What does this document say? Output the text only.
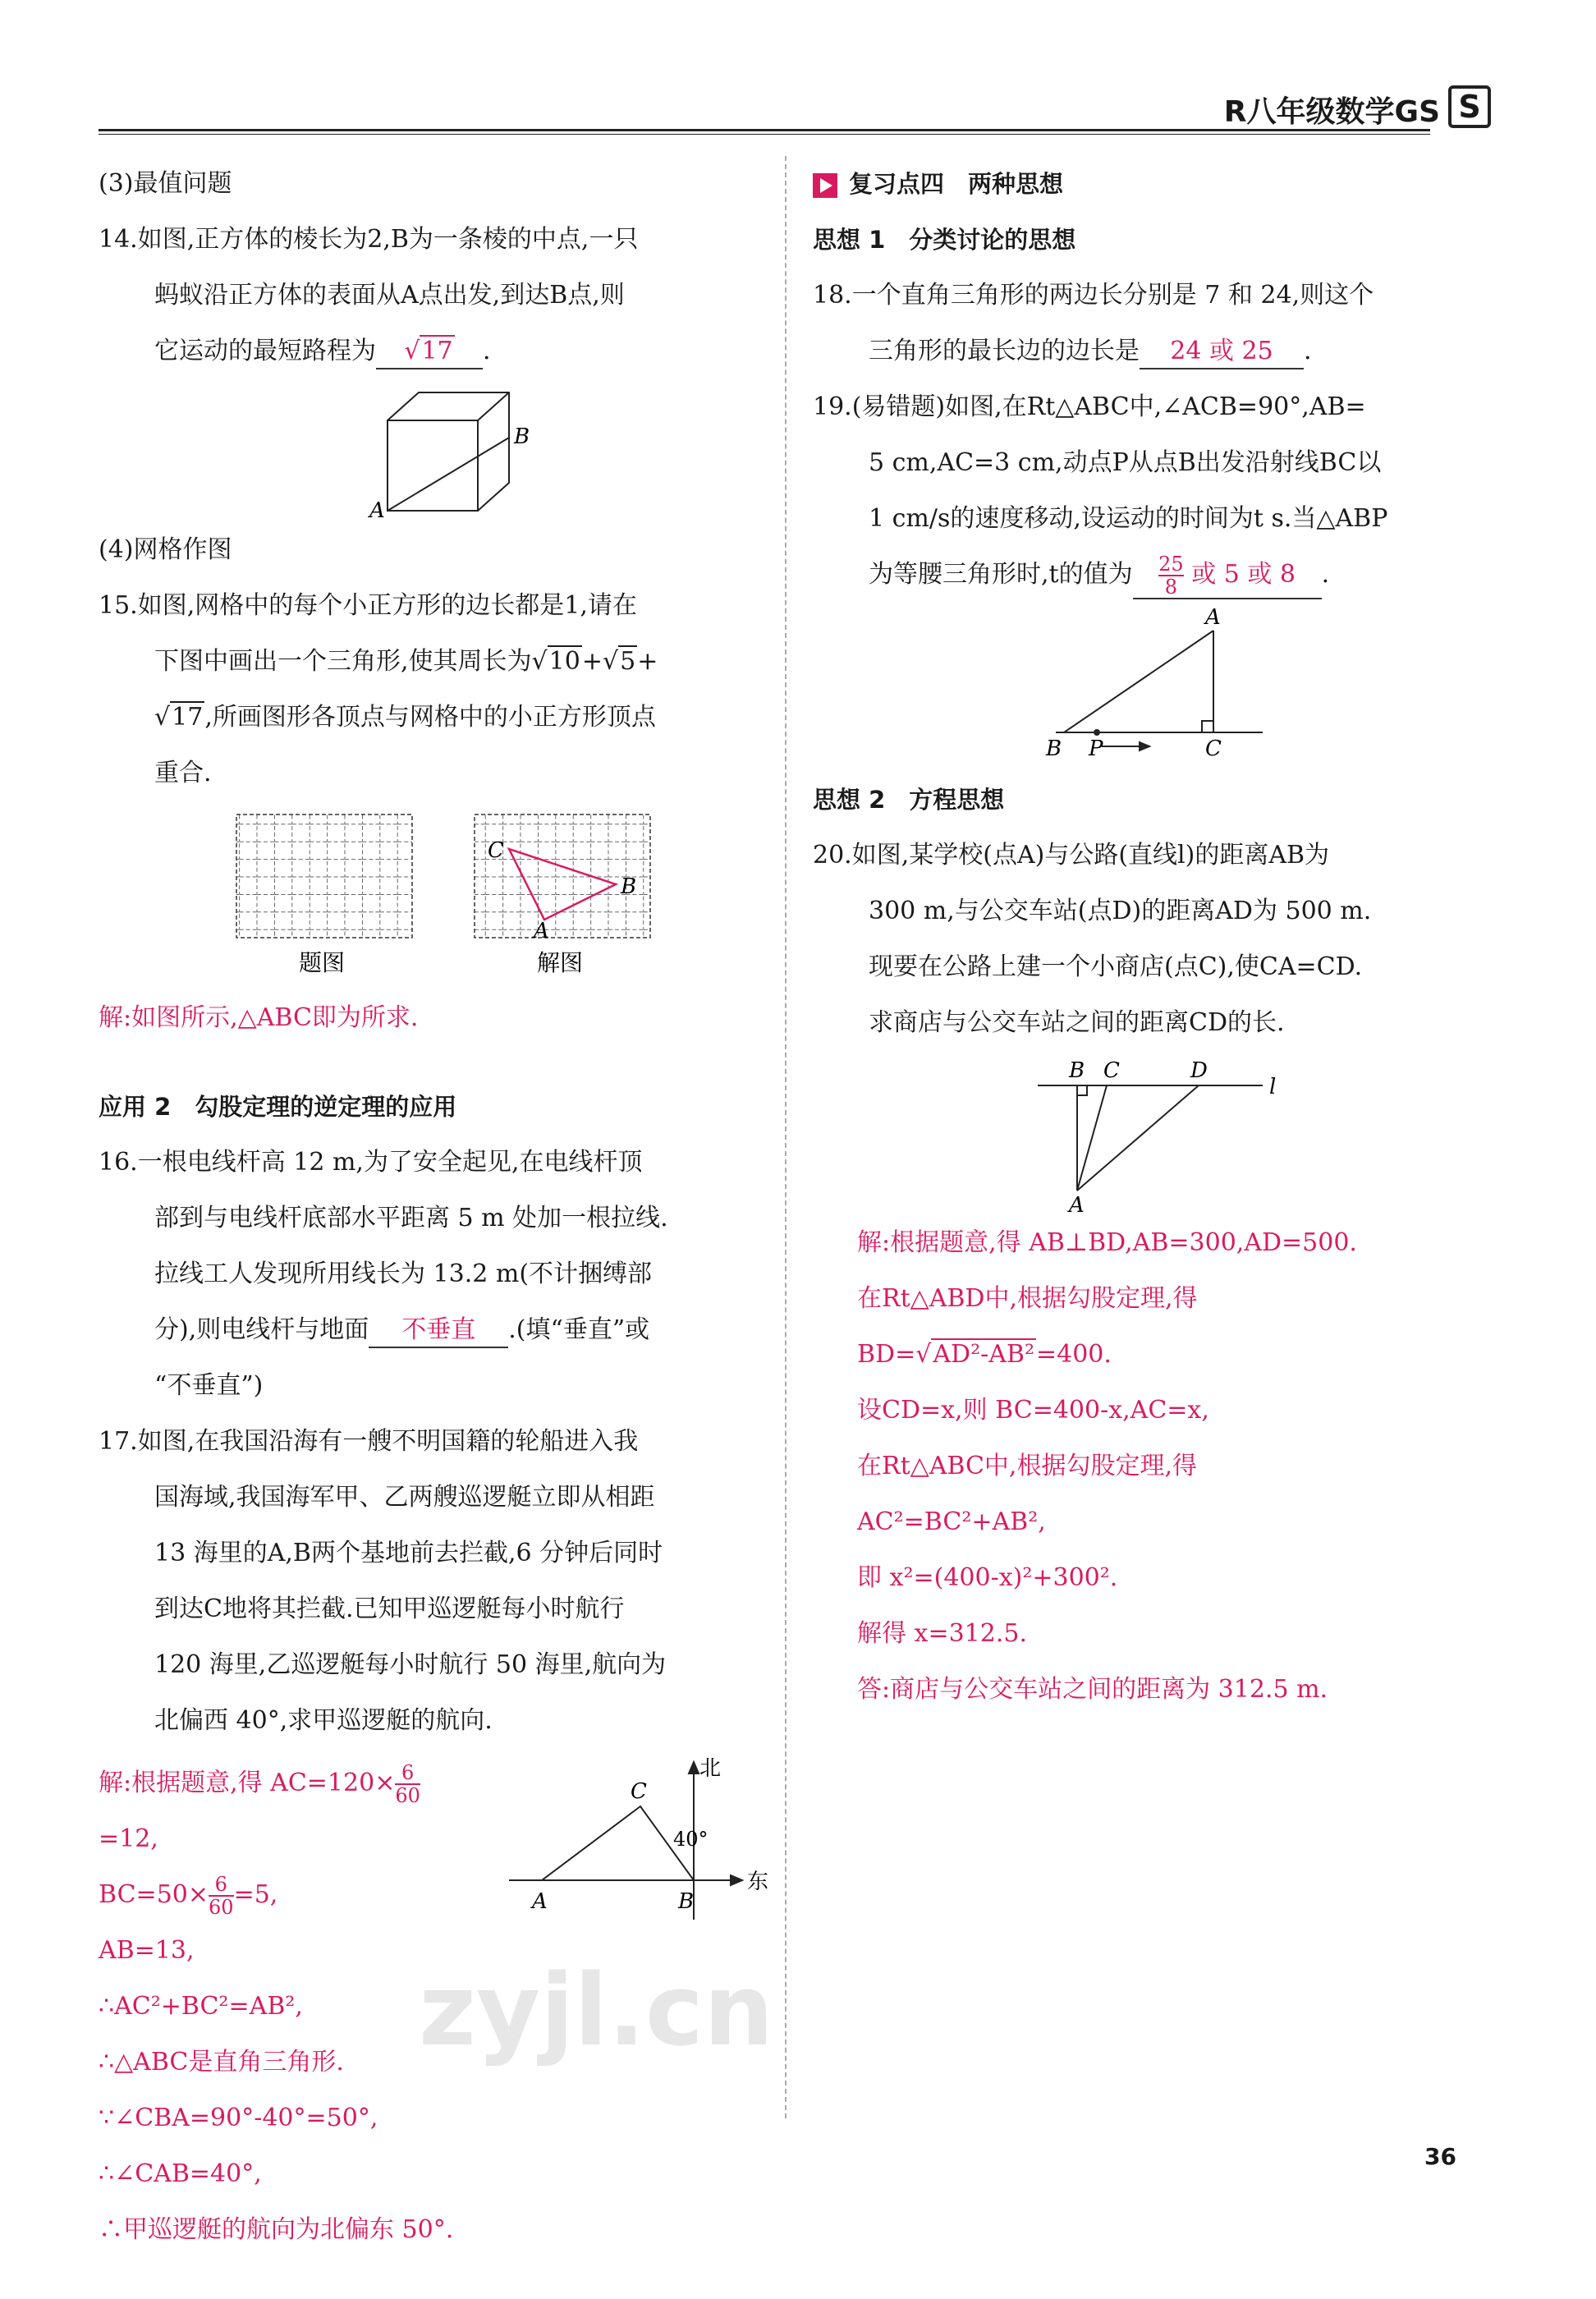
R八年级数学GS S

(3)最值问题

14.如图,正方体的棱长为2,B为一条棱的中点,一只

蚂蚁沿正方体的表面从A点出发,到达B点,则

它运动的最短路程为 √17 .

B
A

(4)网格作图

15.如图,网格中的每个小正方形的边长都是1,请在

下图中画出一个三角形,使其周长为√10+√5+

√17,所画图形各顶点与网格中的小正方形顶点

重合.

C
A
B
题图	解图

解:如图所示,△ABC即为所求.

应用 2　勾股定理的逆定理的应用

16.一根电线杆高 12 m,为了安全起见,在电线杆顶

部到与电线杆底部水平距离 5 m 处加一根拉线.

拉线工人发现所用线长为 13.2 m(不计捆缚部

分),则电线杆与地面 不垂直 .(填“垂直”或

“不垂直”)

17.如图,在我国沿海有一艘不明国籍的轮船进入我

国海域,我国海军甲、乙两艘巡逻艇立即从相距

13 海里的A,B两个基地前去拦截,6 分钟后同时

到达C地将其拦截.已知甲巡逻艇每小时航行

120 海里,乙巡逻艇每小时航行 50 海里,航向为

北偏西 40°,求甲巡逻艇的航向.

北
东
40°
C
A	B

解:根据题意,得 $AC=120\times \frac{6}{60}$

=12,

$BC=50\times \frac{6}{60} =5$,

AB=13,

∴AC²+BC²=AB²,

∴△ABC是直角三角形.

∵∠CBA=90°-40°=50°,

∴∠CAB=40°,

∴甲巡逻艇的航向为北偏东 50°.

复习点四　两种思想

思想 1　分类讨论的思想

18.一个直角三角形的两边长分别是 7 和 24,则这个

三角形的最长边的边长是 24 或 25 .

19.(易错题)如图,在Rt△ABC中,∠ACB=90°,AB=

5 cm,AC=3 cm,动点P从点B出发沿射线BC以

1 cm/s的速度移动,设运动的时间为t s.当△ABP

为等腰三角形时,t的值为 $\frac{25}{8}$ 或 5 或 8 .

A
B P	C

思想 2　方程思想

20.如图,某学校(点A)与公路(直线l)的距离AB为

300 m,与公交车站(点D)的距离AD为 500 m.

现要在公路上建一个小商店(点C),使CA=CD.

求商店与公交车站之间的距离CD的长.

B C	D
l
A

解:根据题意,得 AB⊥BD,AB=300,AD=500.

在Rt△ABD中,根据勾股定理,得

BD=√AD²-AB²=400.

设CD=x,则 BC=400-x,AC=x,

在Rt△ABC中,根据勾股定理,得

AC²=BC²+AB²,

即 x²=(400-x)²+300².

解得 x=312.5.

答:商店与公交车站之间的距离为 312.5 m.

zyjl.cn
36
